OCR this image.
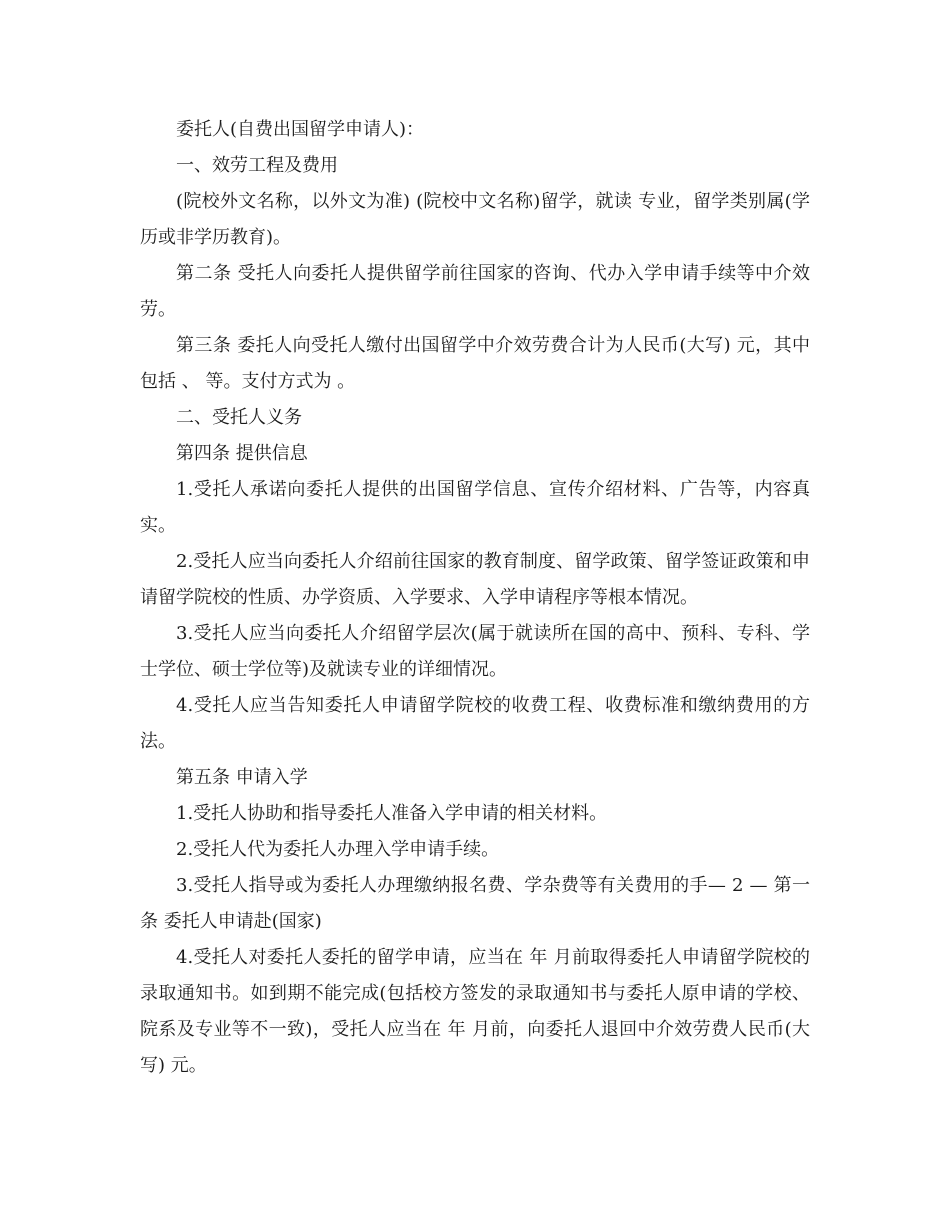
委托人(自费出国留学申请人)：

一、效劳工程及费用

(院校外文名称，以外文为准) (院校中文名称)留学，就读 专业，留学类别属(学历或非学历教育)。

第二条 受托人向委托人提供留学前往国家的咨询、代办入学申请手续等中介效劳。

第三条 委托人向受托人缴付出国留学中介效劳费合计为人民币(大写) 元，其中包括 、 等。支付方式为 。

二、受托人义务

第四条 提供信息

1.受托人承诺向委托人提供的出国留学信息、宣传介绍材料、广告等，内容真实。

2.受托人应当向委托人介绍前往国家的教育制度、留学政策、留学签证政策和申请留学院校的性质、办学资质、入学要求、入学申请程序等根本情况。

3.受托人应当向委托人介绍留学层次(属于就读所在国的高中、预科、专科、学士学位、硕士学位等)及就读专业的详细情况。

4.受托人应当告知委托人申请留学院校的收费工程、收费标准和缴纳费用的方法。

第五条 申请入学

1.受托人协助和指导委托人准备入学申请的相关材料。

2.受托人代为委托人办理入学申请手续。

3.受托人指导或为委托人办理缴纳报名费、学杂费等有关费用的手— 2 — 第一条 委托人申请赴(国家)

4.受托人对委托人委托的留学申请，应当在 年 月前取得委托人申请留学院校的录取通知书。如到期不能完成(包括校方签发的录取通知书与委托人原申请的学校、院系及专业等不一致)，受托人应当在 年 月前，向委托人退回中介效劳费人民币(大写) 元。
